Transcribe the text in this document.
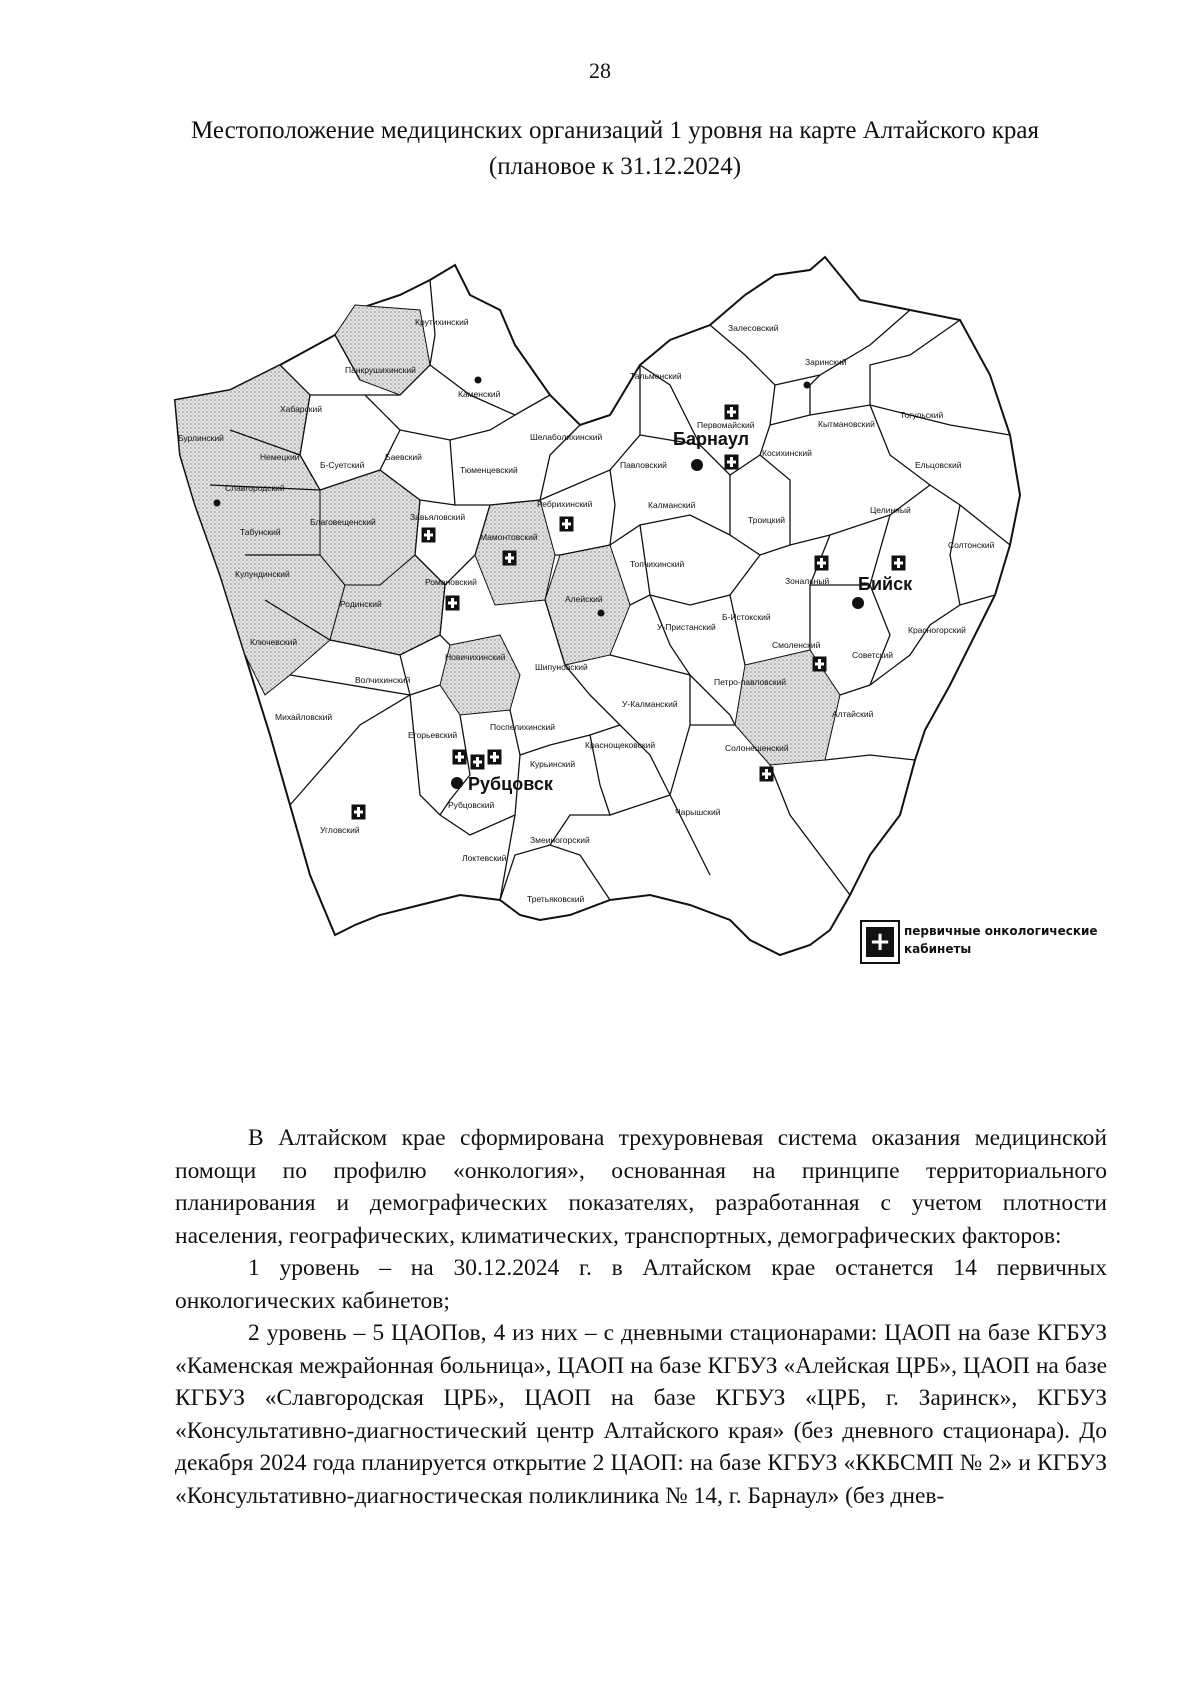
28
Местоположение медицинских организаций 1 уровня на карте Алтайского края (плановое к 31.12.2024)
Крутихинский
Панкрушихинский
Каменский
Хабарский
Бурлинский
Немецкий
Славгородский
Б-Суетский
Баевский
Тюменцевский
Шелаболихинский
Табунский
Благовещенский	Завьяловский
Кулундинский
Мамонтовский
Ребрихинский
Родинский
Романовский
Ключевский
Волчихинский
Новичихинский
Михайловский
Егорьевский
Поспелихинский
Рубцовский
Угловский
Курьинский
Змеиногорский
Локтевский
Третьяковский
Залесовский
Заринский
Тальменский
Первомайский	Кытмановский
Тогульский
Косихинский
Ельцовский
Павловский
Калманский	Целинный
Троицкий
Солтонский
Топчихинский
Алейский
Зональный
Б-Истокский
У-Пристанский
Смоленский
Красногорский
Советский
Шипуновский
Петро-павловский
У-Калманский
Краснощековский
Алтайский
Солонешенский
Чарышский
Барнаул
Бийск
Рубцовск
+ первичные онкологические кабинеты

В Алтайском крае сформирована трехуровневая система оказания медицинской помощи по профилю «онкология», основанная на принципе территориального планирования и демографических показателях, разработанная с учетом плотности населения, географических, климатических, транспортных, демографических факторов:

1 уровень – на 30.12.2024 г. в Алтайском крае останется 14 первичных онкологических кабинетов;

2 уровень – 5 ЦАОПов, 4 из них – с дневными стационарами: ЦАОП на базе КГБУЗ «Каменская межрайонная больница», ЦАОП на базе КГБУЗ «Алейская ЦРБ», ЦАОП на базе КГБУЗ «Славгородская ЦРБ», ЦАОП на базе КГБУЗ «ЦРБ, г. Заринск», КГБУЗ «Консультативно-диагностический центр Алтайского края» (без дневного стационара). До декабря 2024 года планируется открытие 2 ЦАОП: на базе КГБУЗ «ККБСМП № 2» и КГБУЗ «Консультативно-диагностическая поликлиника № 14, г. Барнаул» (без днев-
